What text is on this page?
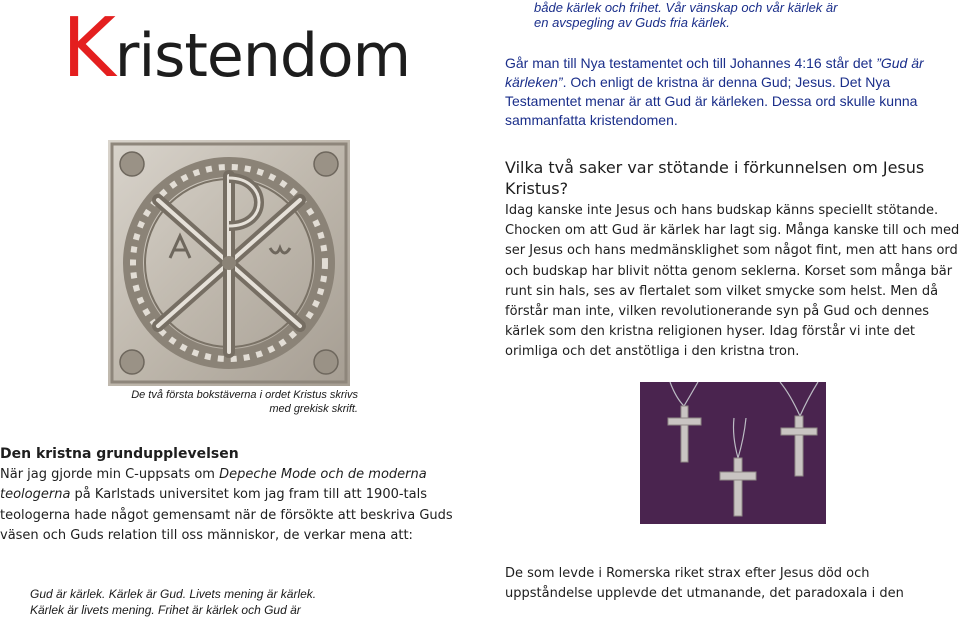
Kristendom
De två första bokstäverna i ordet Kristus skrivs med grekisk skrift.
både kärlek och frihet. Vår vänskap och vår kärlek är
en avspegling av Guds fria kärlek.
Går man till Nya testamentet och till Johannes 4:16 står det ”Gud är kärleken”. Och enligt de kristna är denna Gud; Jesus. Det Nya Testamentet menar är att Gud är kärleken. Dessa ord skulle kunna sammanfatta kristendomen.
Vilka två saker var stötande i förkunnelsen om Jesus Kristus?
Idag kanske inte Jesus och hans budskap känns speciellt stötande. Chocken om att Gud är kärlek har lagt sig. Många kanske till och med ser Jesus och hans medmänsklighet som något fint, men att hans ord och budskap har blivit nötta genom seklerna. Korset som många bär runt sin hals, ses av flertalet som vilket smycke som helst. Men då förstår man inte, vilken revolutionerande syn på Gud och dennes kärlek som den kristna religionen hyser. Idag förstår vi inte det orimliga och det anstötliga i den kristna tron.
De som levde i Romerska riket strax efter Jesus död och uppståndelse upplevde det utmanande, det paradoxala i den
Den kristna grundupplevelsen
När jag gjorde min C-uppsats om Depeche Mode och de moderna teologerna på Karlstads universitet kom jag fram till att 1900-tals teologerna hade något gemensamt när de försökte att beskriva Guds väsen och Guds relation till oss människor, de verkar mena att:
Gud är kärlek. Kärlek är Gud. Livets mening är kärlek.
Kärlek är livets mening. Frihet är kärlek och Gud är
